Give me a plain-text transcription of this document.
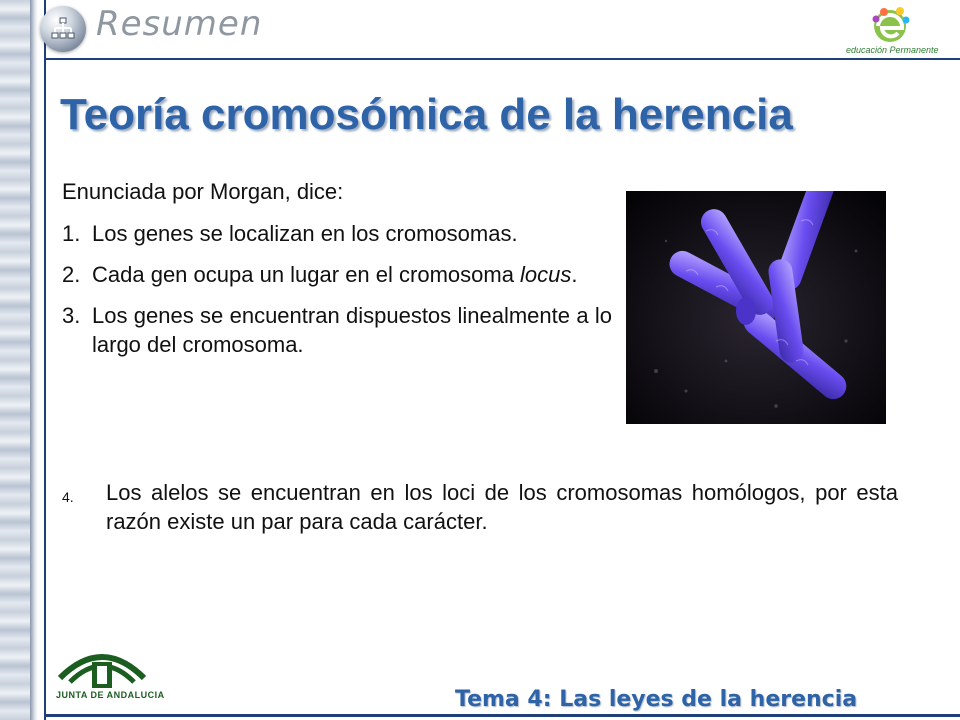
Resumen
educación Permanente
Teoría cromosómica de la herencia
Enunciada por Morgan, dice:
1. Los genes se localizan en los cromosomas.
2. Cada gen ocupa un lugar en el cromosoma locus.
3. Los genes se encuentran dispuestos linealmente a lo largo del cromosoma.
4.	Los alelos se encuentran en los loci de los cromosomas homólogos, por esta razón existe un par para cada carácter.
JUNTA DE ANDALUCIA	Tema 4: Las leyes de la herencia
